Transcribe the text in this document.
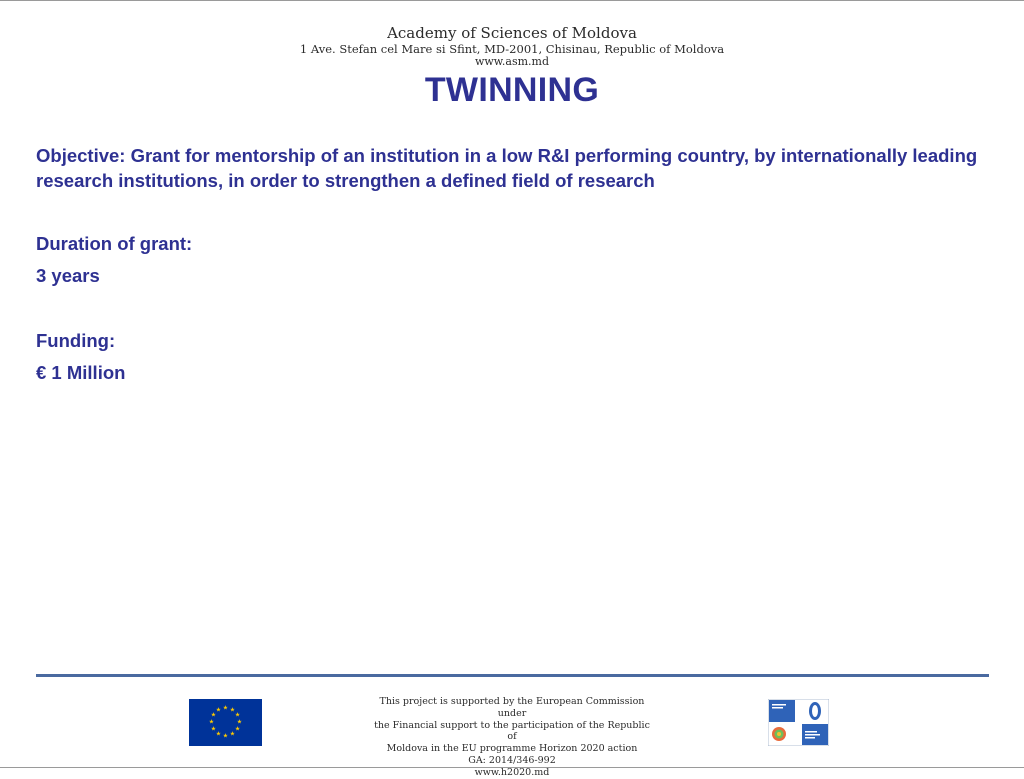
Academy of Sciences of Moldova
1 Ave. Stefan cel Mare si Sfint, MD-2001, Chisinau, Republic of Moldova
www.asm.md
TWINNING
Objective: Grant for mentorship of an institution in a low R&I performing country, by internationally leading research institutions, in order to strengthen a defined field of research
Duration of grant:
3 years
Funding:
€ 1 Million
★ ★
★
★
★
★
★
★
★
★
★
★
This project is supported by the European Commission under
the Financial support to the participation of the Republic of
Moldova in the EU programme Horizon 2020 action
GA: 2014/346-992
www.h2020.md
